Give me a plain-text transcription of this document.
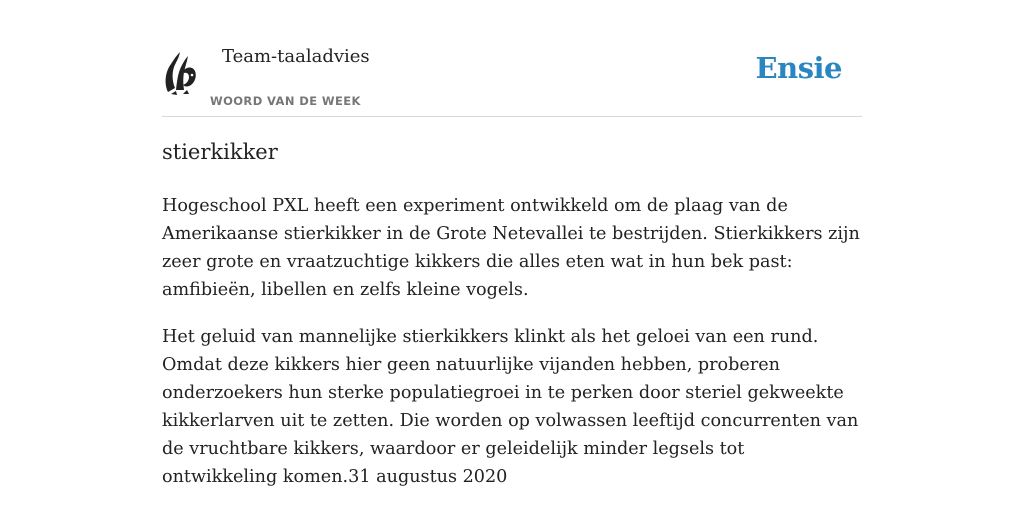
Team-taaladvies
WOORD VAN DE WEEK
Ensie
stierkikker

Hogeschool PXL heeft een experiment ontwikkeld om de plaag van de Amerikaanse stierkikker in de Grote Netevallei te bestrijden. Stierkikkers zijn zeer grote en vraatzuchtige kikkers die alles eten wat in hun bek past: amfibieën, libellen en zelfs kleine vogels.

Het geluid van mannelijke stierkikkers klinkt als het geloei van een rund. Omdat deze kikkers hier geen natuurlijke vijanden hebben, proberen onderzoekers hun sterke populatiegroei in te perken door steriel gekweekte kikkerlarven uit te zetten. Die worden op volwassen leeftijd concurrenten van de vruchtbare kikkers, waardoor er geleidelijk minder legsels tot ontwikkeling komen.31 augustus 2020
